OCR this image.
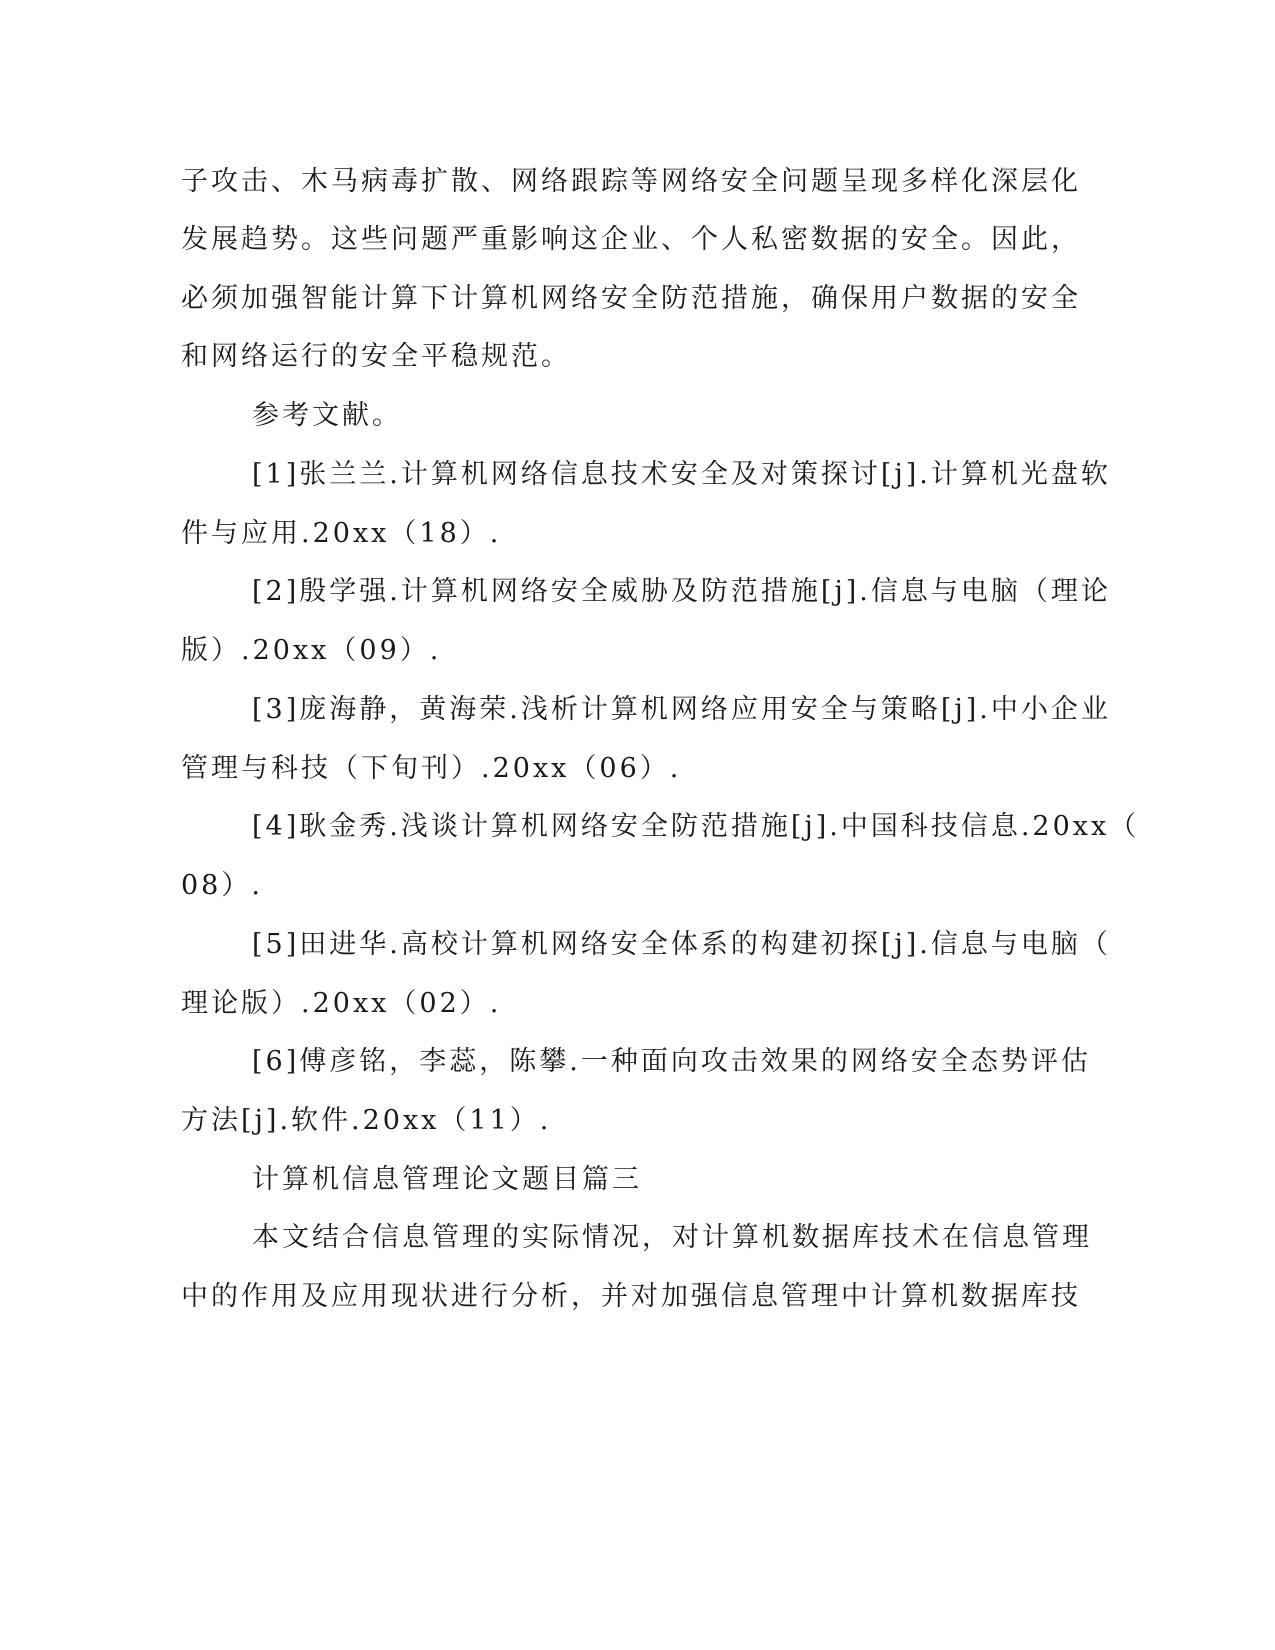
子攻击、木马病毒扩散、网络跟踪等网络安全问题呈现多样化深层化
发展趋势。这些问题严重影响这企业、个人私密数据的安全。因此，
必须加强智能计算下计算机网络安全防范措施，确保用户数据的安全
和网络运行的安全平稳规范。
参考文献。
[1]张兰兰.计算机网络信息技术安全及对策探讨[j].计算机光盘软
件与应用.20xx（18）.
[2]殷学强.计算机网络安全威胁及防范措施[j].信息与电脑（理论
版）.20xx（09）.
[3]庞海静，黄海荣.浅析计算机网络应用安全与策略[j].中小企业
管理与科技（下旬刊）.20xx（06）.
[4]耿金秀.浅谈计算机网络安全防范措施[j].中国科技信息.20xx（
08）.
[5]田进华.高校计算机网络安全体系的构建初探[j].信息与电脑（
理论版）.20xx（02）.
[6]傅彦铭，李蕊，陈攀.一种面向攻击效果的网络安全态势评估
方法[j].软件.20xx（11）.
计算机信息管理论文题目篇三
本文结合信息管理的实际情况，对计算机数据库技术在信息管理
中的作用及应用现状进行分析，并对加强信息管理中计算机数据库技
